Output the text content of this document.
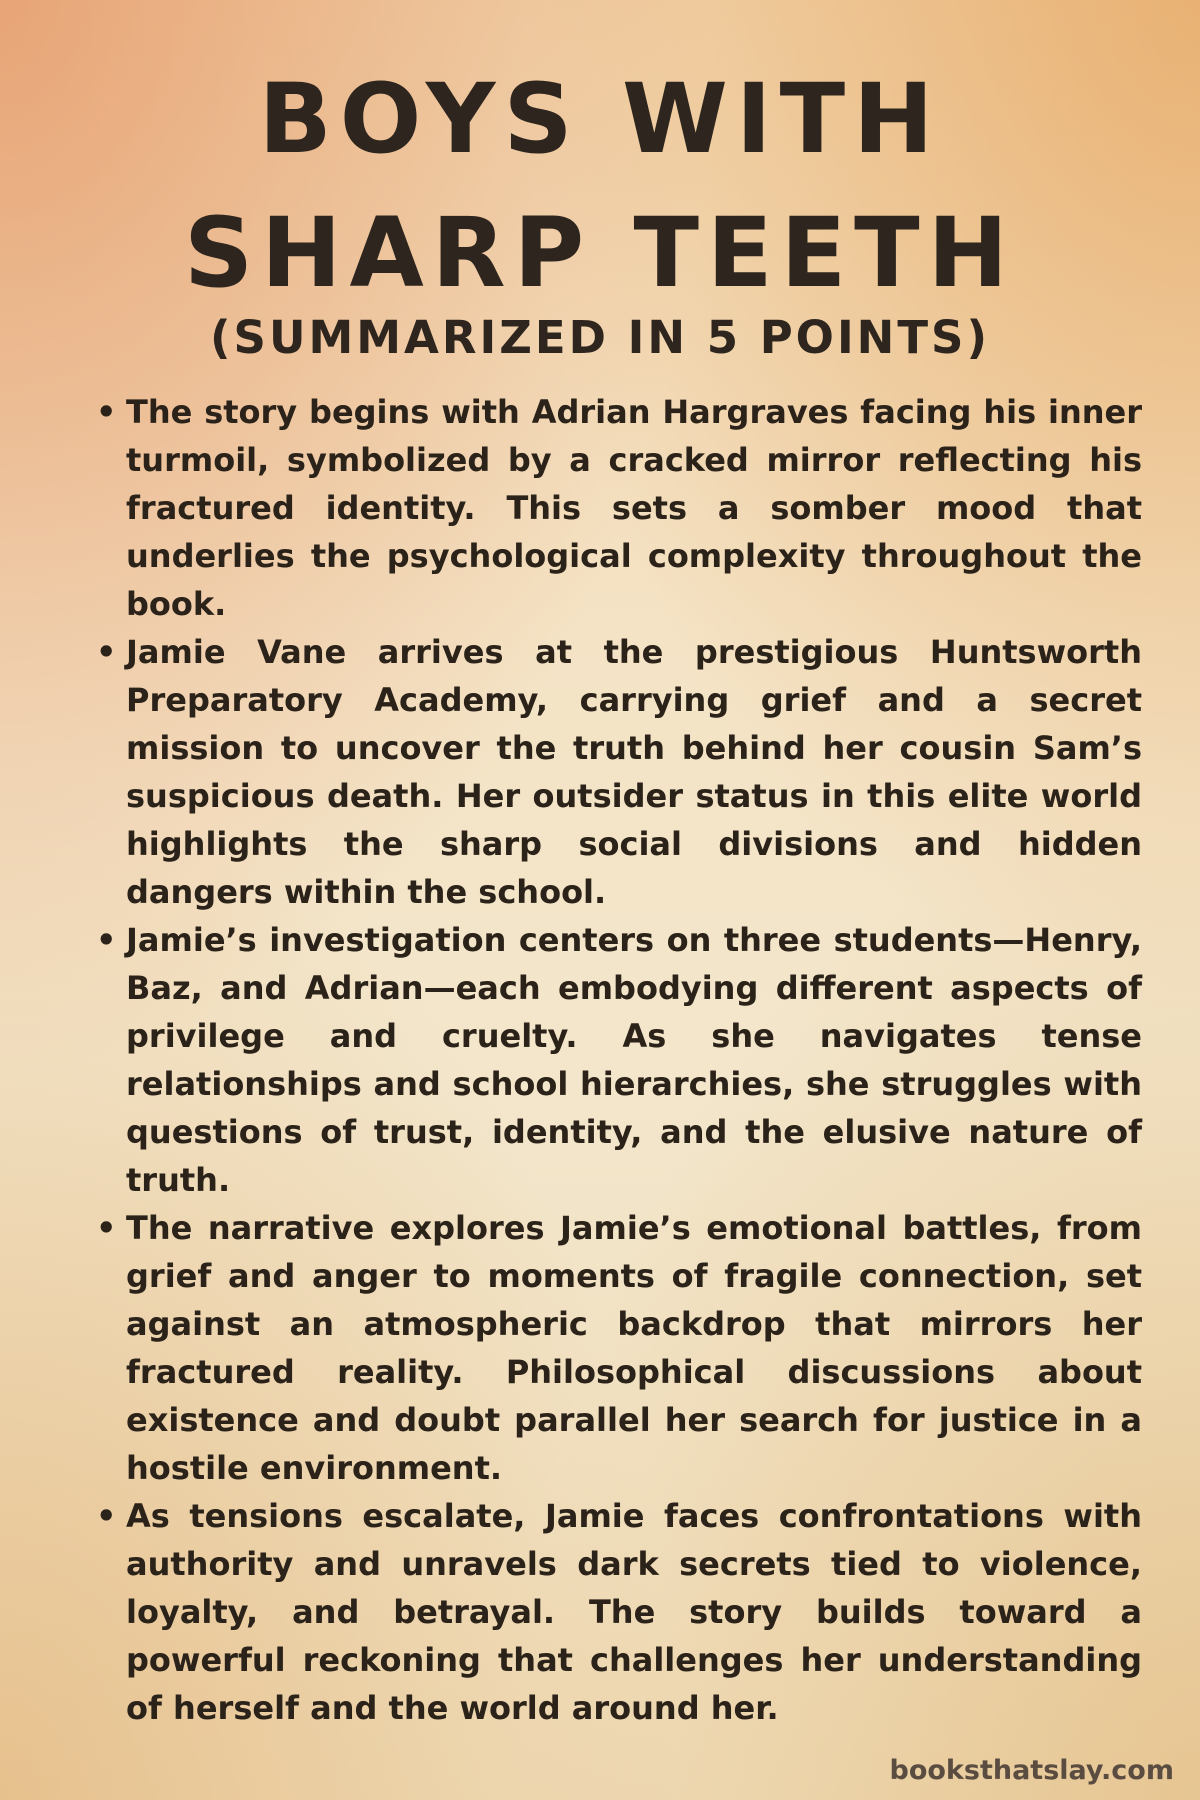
BOYS WITH SHARP TEETH
(SUMMARIZED IN 5 POINTS)
• The story begins with Adrian Hargraves facing his inner turmoil, symbolized by a cracked mirror reflecting his fractured identity. This sets a somber mood that underlies the psychological complexity throughout the book.
• Jamie Vane arrives at the prestigious Huntsworth Preparatory Academy, carrying grief and a secret mission to uncover the truth behind her cousin Sam’s suspicious death. Her outsider status in this elite world highlights the sharp social divisions and hidden dangers within the school.
• Jamie’s investigation centers on three students—Henry, Baz, and Adrian—each embodying different aspects of privilege and cruelty. As she navigates tense relationships and school hierarchies, she struggles with questions of trust, identity, and the elusive nature of truth.
• The narrative explores Jamie’s emotional battles, from grief and anger to moments of fragile connection, set against an atmospheric backdrop that mirrors her fractured reality. Philosophical discussions about existence and doubt parallel her search for justice in a hostile environment.
• As tensions escalate, Jamie faces confrontations with authority and unravels dark secrets tied to violence, loyalty, and betrayal. The story builds toward a powerful reckoning that challenges her understanding of herself and the world around her.
booksthatslay.com
